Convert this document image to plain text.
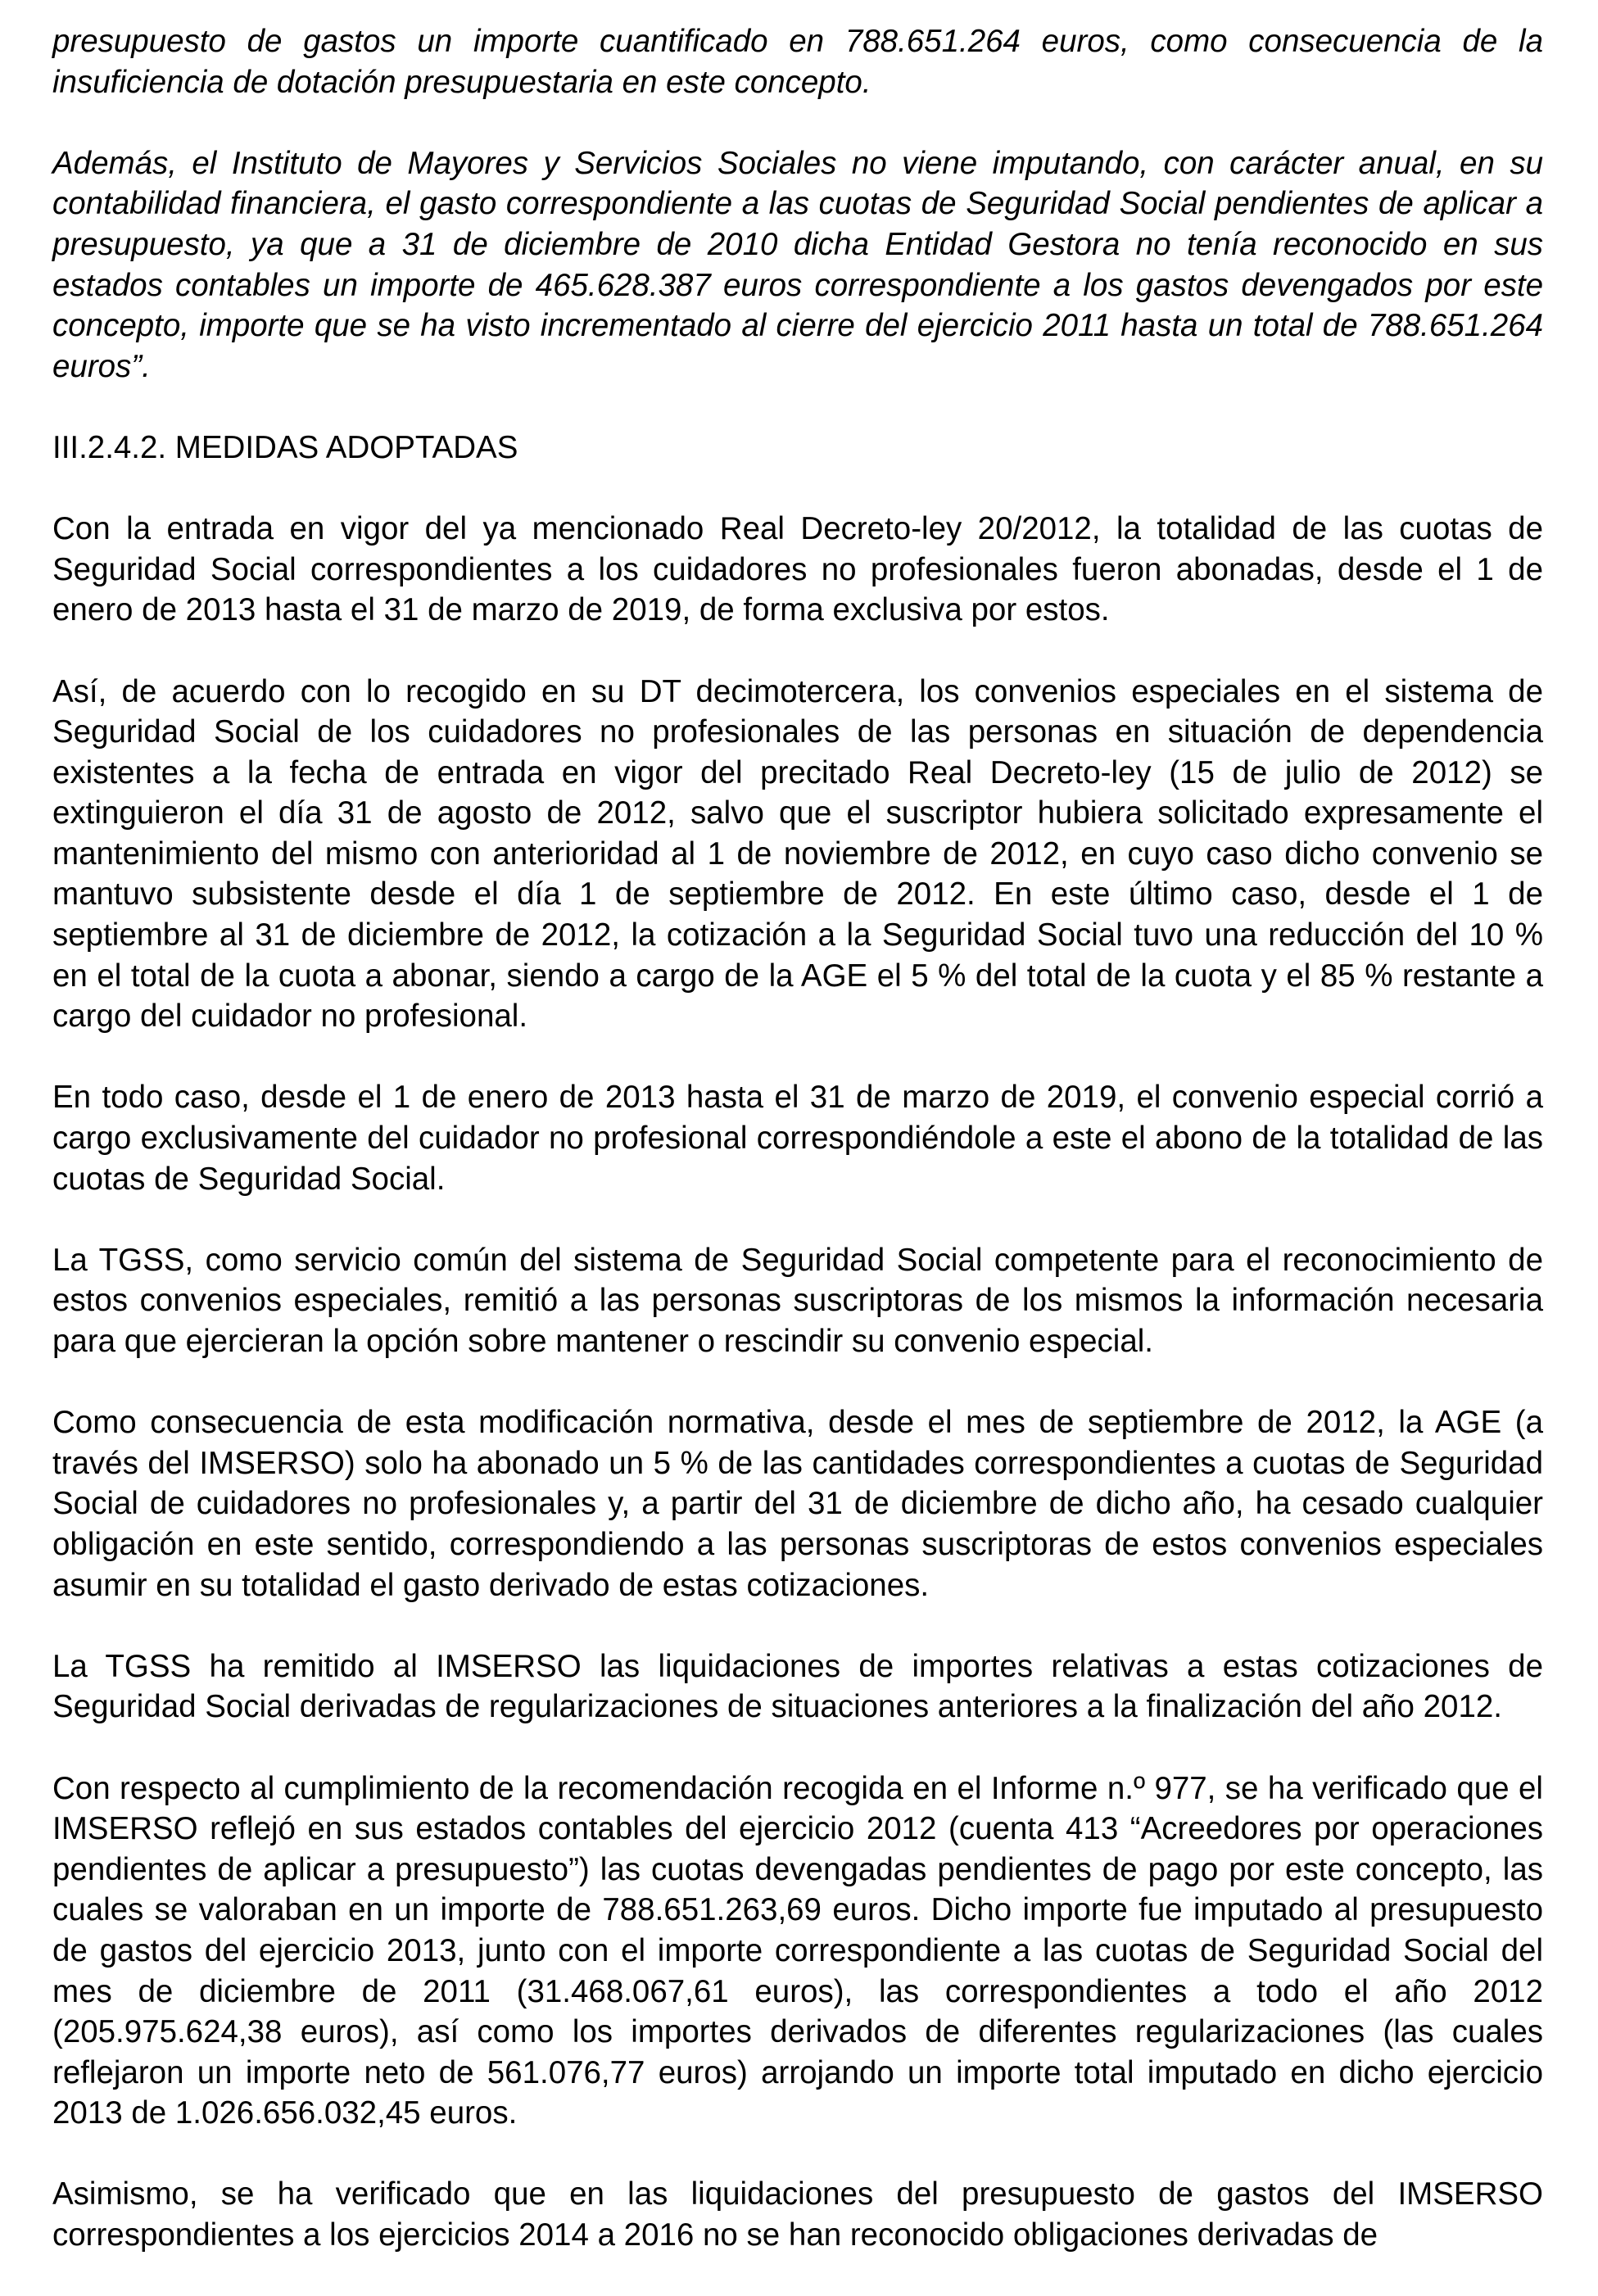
presupuesto de gastos un importe cuantificado en 788.651.264 euros, como consecuencia de la insuficiencia de dotación presupuestaria en este concepto.

Además, el Instituto de Mayores y Servicios Sociales no viene imputando, con carácter anual, en su contabilidad financiera, el gasto correspondiente a las cuotas de Seguridad Social pendientes de aplicar a presupuesto, ya que a 31 de diciembre de 2010 dicha Entidad Gestora no tenía reconocido en sus estados contables un importe de 465.628.387 euros correspondiente a los gastos devengados por este concepto, importe que se ha visto incrementado al cierre del ejercicio 2011 hasta un total de 788.651.264 euros”.

III.2.4.2. MEDIDAS ADOPTADAS

Con la entrada en vigor del ya mencionado Real Decreto-ley 20/2012, la totalidad de las cuotas de Seguridad Social correspondientes a los cuidadores no profesionales fueron abonadas, desde el 1 de enero de 2013 hasta el 31 de marzo de 2019, de forma exclusiva por estos.

Así, de acuerdo con lo recogido en su DT decimotercera, los convenios especiales en el sistema de Seguridad Social de los cuidadores no profesionales de las personas en situación de dependencia existentes a la fecha de entrada en vigor del precitado Real Decreto-ley (15 de julio de 2012) se extinguieron el día 31 de agosto de 2012, salvo que el suscriptor hubiera solicitado expresamente el mantenimiento del mismo con anterioridad al 1 de noviembre de 2012, en cuyo caso dicho convenio se mantuvo subsistente desde el día 1 de septiembre de 2012. En este último caso, desde el 1 de septiembre al 31 de diciembre de 2012, la cotización a la Seguridad Social tuvo una reducción del 10 % en el total de la cuota a abonar, siendo a cargo de la AGE el 5 % del total de la cuota y el 85 % restante a cargo del cuidador no profesional.

En todo caso, desde el 1 de enero de 2013 hasta el 31 de marzo de 2019, el convenio especial corrió a cargo exclusivamente del cuidador no profesional correspondiéndole a este el abono de la totalidad de las cuotas de Seguridad Social.

La TGSS, como servicio común del sistema de Seguridad Social competente para el reconocimiento de estos convenios especiales, remitió a las personas suscriptoras de los mismos la información necesaria para que ejercieran la opción sobre mantener o rescindir su convenio especial.

Como consecuencia de esta modificación normativa, desde el mes de septiembre de 2012, la AGE (a través del IMSERSO) solo ha abonado un 5 % de las cantidades correspondientes a cuotas de Seguridad Social de cuidadores no profesionales y, a partir del 31 de diciembre de dicho año, ha cesado cualquier obligación en este sentido, correspondiendo a las personas suscriptoras de estos convenios especiales asumir en su totalidad el gasto derivado de estas cotizaciones.

La TGSS ha remitido al IMSERSO las liquidaciones de importes relativas a estas cotizaciones de Seguridad Social derivadas de regularizaciones de situaciones anteriores a la finalización del año 2012.

Con respecto al cumplimiento de la recomendación recogida en el Informe n.º 977, se ha verificado que el IMSERSO reflejó en sus estados contables del ejercicio 2012 (cuenta 413 “Acreedores por operaciones pendientes de aplicar a presupuesto”) las cuotas devengadas pendientes de pago por este concepto, las cuales se valoraban en un importe de 788.651.263,69 euros. Dicho importe fue imputado al presupuesto de gastos del ejercicio 2013, junto con el importe correspondiente a las cuotas de Seguridad Social del mes de diciembre de 2011 (31.468.067,61 euros), las correspondientes a todo el año 2012 (205.975.624,38 euros), así como los importes derivados de diferentes regularizaciones (las cuales reflejaron un importe neto de 561.076,77 euros) arrojando un importe total imputado en dicho ejercicio 2013 de 1.026.656.032,45 euros.

Asimismo, se ha verificado que en las liquidaciones del presupuesto de gastos del IMSERSO correspondientes a los ejercicios 2014 a 2016 no se han reconocido obligaciones derivadas de
